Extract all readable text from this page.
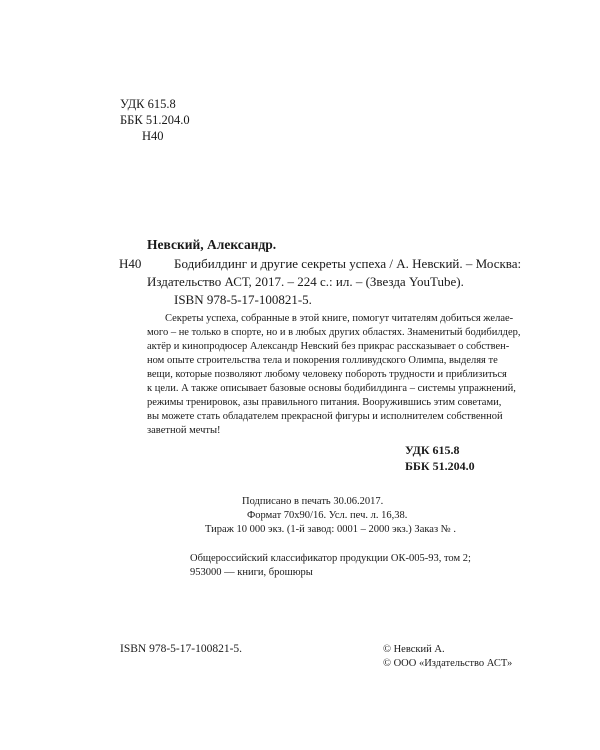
УДК 615.8
ББК 51.204.0
Н40
Невский, Александр.
Н40	Бодибилдинг и другие секреты успеха / А. Невский. – Москва:
Издательство АСТ, 2017. – 224 с.: ил. – (Звезда YouTube).
ISBN 978-5-17-100821-5.
Секреты успеха, собранные в этой книге, помогут читателям добиться желае-
мого – не только в спорте, но и в любых других областях. Знаменитый бодибилдер,
актёр и кинопродюсер Александр Невский без прикрас рассказывает о собствен-
ном опыте строительства тела и покорения голливудского Олимпа, выделяя те
вещи, которые позволяют любому человеку побороть трудности и приблизиться
к цели. А также описывает базовые основы бодибилдинга – системы упражнений,
режимы тренировок, азы правильного питания. Вооружившись этим советами,
вы можете стать обладателем прекрасной фигуры и исполнителем собственной
заветной мечты!
УДК 615.8
ББК 51.204.0
Подписано в печать 30.06.2017.
Формат 70х90/16. Усл. печ. л. 16,38.
Тираж 10 000 экз. (1-й завод: 0001 – 2000 экз.) Заказ № .
Общероссийский классификатор продукции ОК-005-93, том 2;
953000 — книги, брошюры
ISBN 978-5-17-100821-5.	© Невский А.
© ООО «Издательство АСТ»
